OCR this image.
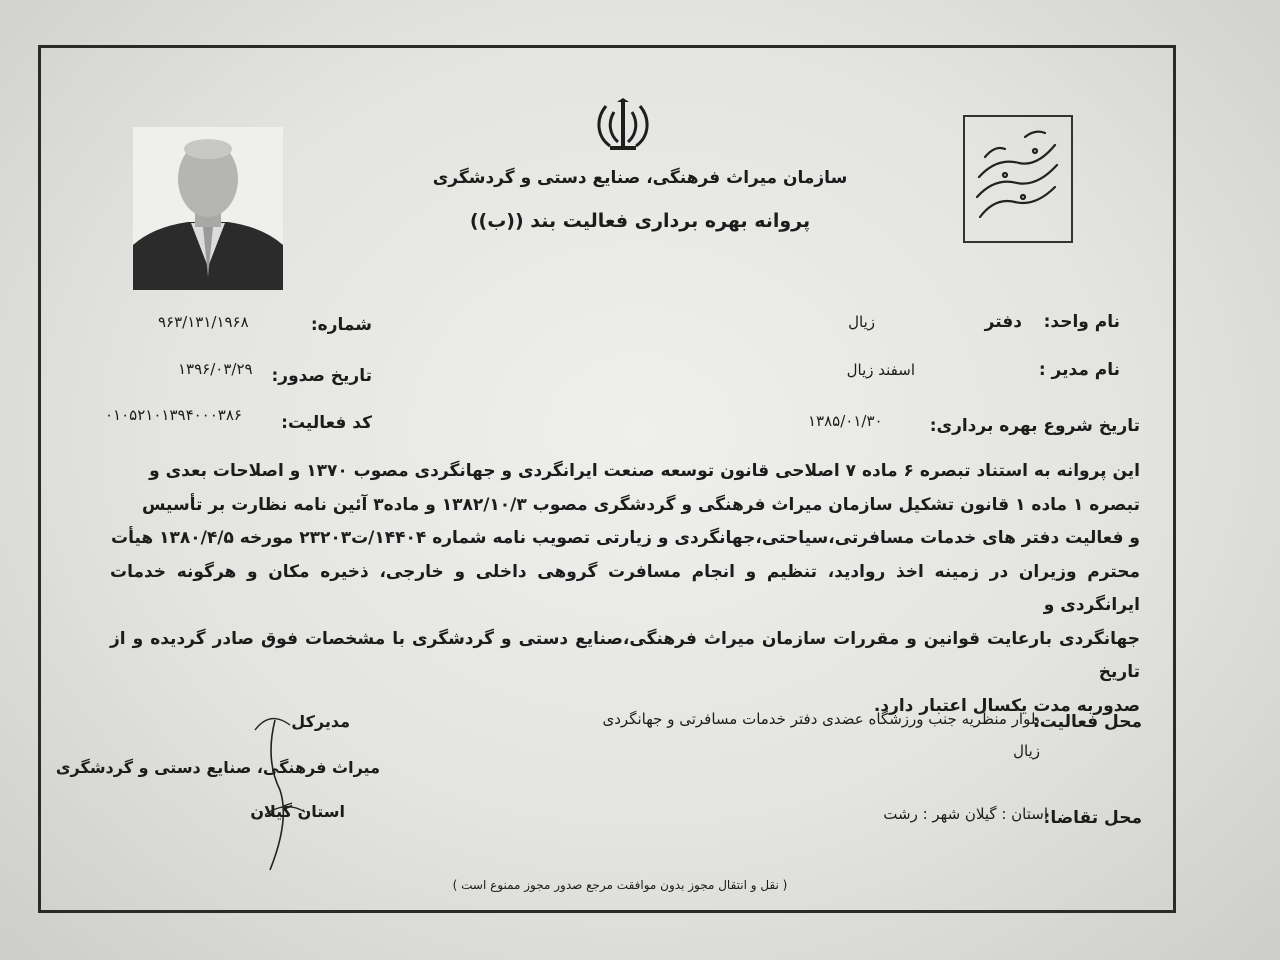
سازمان میراث فرهنگی، صنایع دستی و گردشگری
پروانه بهره برداری فعالیت بند ((ب))
نام واحد:
دفتر
زیال
نام مدیر :
اسفند زیال
تاریخ شروع بهره برداری:
۱۳۸۵/۰۱/۳۰
شماره:
۹۶۳/۱۳۱/۱۹۶۸
تاریخ صدور:
۱۳۹۶/۰۳/۲۹
کد فعالیت:
۰۱۰۵۲۱۰۱۳۹۴۰۰۰۳۸۶

این پروانه به استناد تبصره ۶ ماده ۷ اصلاحی قانون توسعه صنعت ایرانگردی و جهانگردی مصوب ۱۳۷۰ و اصلاحات بعدی و

تبصره ۱ ماده ۱ قانون تشکیل سازمان میراث فرهنگی و گردشگری مصوب ۱۳۸۲/۱۰/۳ و ماده۳ آئین نامه نظارت بر تأسیس

و فعالیت دفتر های خدمات مسافرتی،سیاحتی،جهانگردی و زیارتی تصویب نامه شماره ۱۴۴۰۴/ت۲۳۲۰۳ مورخه ۱۳۸۰/۴/۵ هیأت

محترم وزیران در زمینه اخذ روادید، تنظیم و انجام مسافرت گروهی داخلی و خارجی، ذخیره مکان و هرگونه خدمات ایرانگردی و

جهانگردی بارعایت قوانین و مقررات سازمان میراث فرهنگی،صنایع دستی و گردشگری با مشخصات فوق صادر گردیده و از تاریخ

صدوربه مدت یکسال اعتبار دارد.

محل فعالیت:
بلوار منظریه جنب ورزشگاه عضدی دفتر خدمات مسافرتی و جهانگردی
زیال
محل تقاضا:
استان : گیلان شهر : رشت
مدیرکل
میراث فرهنگی، صنایع دستی و گردشگری
استان گیلان
( نقل و انتقال مجوز بدون موافقت مرجع صدور مجوز ممنوع است )
